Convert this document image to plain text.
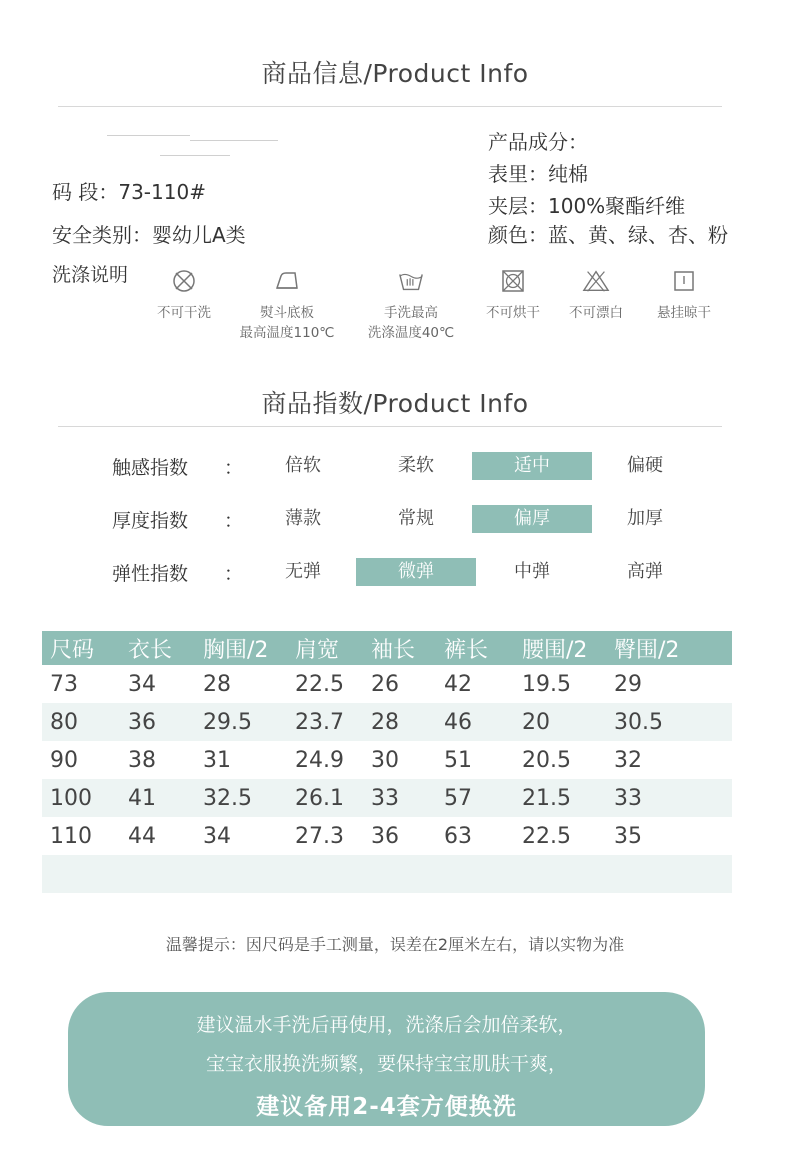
商品信息/Product Info
码 段：73-110#
安全类别：婴幼儿A类
洗涤说明
产品成分：
表里：纯棉
夹层：100%聚酯纤维
颜色：蓝、黄、绿、杏、粉
不可干洗	熨斗底板
最高温度110℃
手洗最高
洗涤温度40℃
不可烘干	不可漂白	悬挂晾干
商品指数/Product Info
触感指数 ：	倍软	柔软	适中	偏硬
厚度指数 ：	薄款	常规	偏厚	加厚
弹性指数 ：	无弹	微弹	中弹	高弹
尺码	衣长	胸围/2	肩宽	袖长	裤长	腰围/2	臀围/2
73	34	28	22.5	26	42	19.5	29
80	36	29.5	23.7	28	46	20	30.5
90	38	31	24.9	30	51	20.5	32
100	41	32.5	26.1	33	57	21.5	33
110	44	34	27.3	36	63	22.5	35

温馨提示：因尺码是手工测量，误差在2厘米左右，请以实物为准
建议温水手洗后再使用，洗涤后会加倍柔软，
宝宝衣服换洗频繁，要保持宝宝肌肤干爽，
建议备用2-4套方便换洗
